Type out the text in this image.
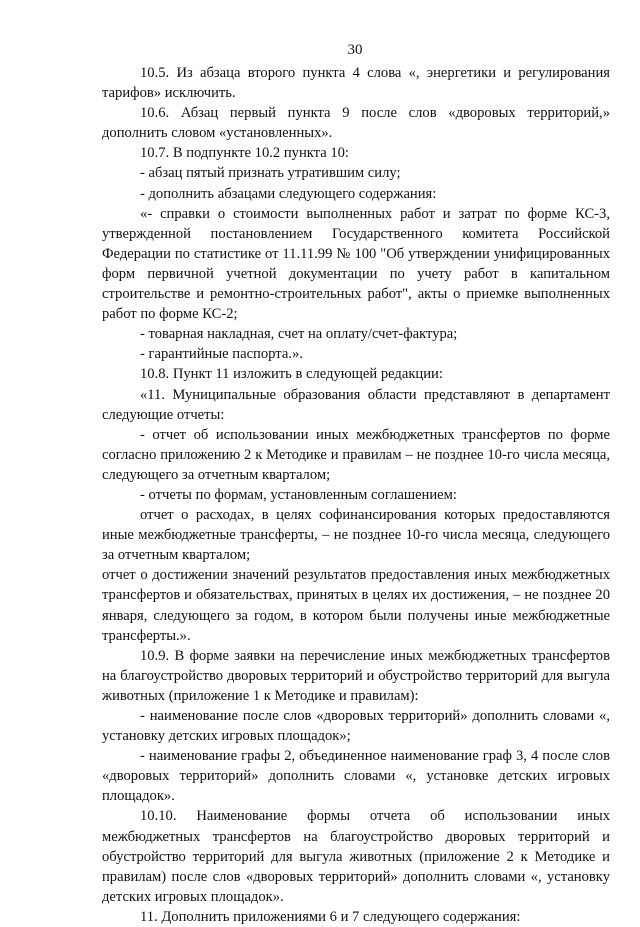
30

10.5. Из абзаца второго пункта 4 слова «, энергетики и регулирования тарифов» исключить.

10.6. Абзац первый пункта 9 после слов «дворовых территорий,» дополнить словом «установленных».

10.7. В подпункте 10.2 пункта 10:

- абзац пятый признать утратившим силу;

- дополнить абзацами следующего содержания:

«- справки о стоимости выполненных работ и затрат по форме КС-3, утвержденной постановлением Государственного комитета Российской Федерации по статистике от 11.11.99 № 100 "Об утверждении унифицированных форм первичной учетной документации по учету работ в капитальном строительстве и ремонтно-строительных работ", акты о приемке выполненных работ по форме КС-2;

- товарная накладная, счет на оплату/счет-фактура;

- гарантийные паспорта.».

10.8. Пункт 11 изложить в следующей редакции:

«11. Муниципальные образования области представляют в департамент следующие отчеты:

- отчет об использовании иных межбюджетных трансфертов по форме согласно приложению 2 к Методике и правилам – не позднее 10-го числа месяца, следующего за отчетным кварталом;

- отчеты по формам, установленным соглашением:

отчет о расходах, в целях софинансирования которых предоставляются иные межбюджетные трансферты, – не позднее 10-го числа месяца, следующего за отчетным кварталом;

отчет о достижении значений результатов предоставления иных межбюджетных трансфертов и обязательствах, принятых в целях их достижения, – не позднее 20 января, следующего за годом, в котором были получены иные межбюджетные трансферты.».

10.9. В форме заявки на перечисление иных межбюджетных трансфертов на благоустройство дворовых территорий и обустройство территорий для выгула животных (приложение 1 к Методике и правилам):

- наименование после слов «дворовых территорий» дополнить словами «, установку детских игровых площадок»;

- наименование графы 2, объединенное наименование граф 3, 4 после слов «дворовых территорий» дополнить словами «, установке детских игровых площадок».

10.10. Наименование формы отчета об использовании иных межбюджетных трансфертов на благоустройство дворовых территорий и обустройство территорий для выгула животных (приложение 2 к Методике и правилам) после слов «дворовых территорий» дополнить словами «, установку детских игровых площадок».

11. Дополнить приложениями 6 и 7 следующего содержания:
